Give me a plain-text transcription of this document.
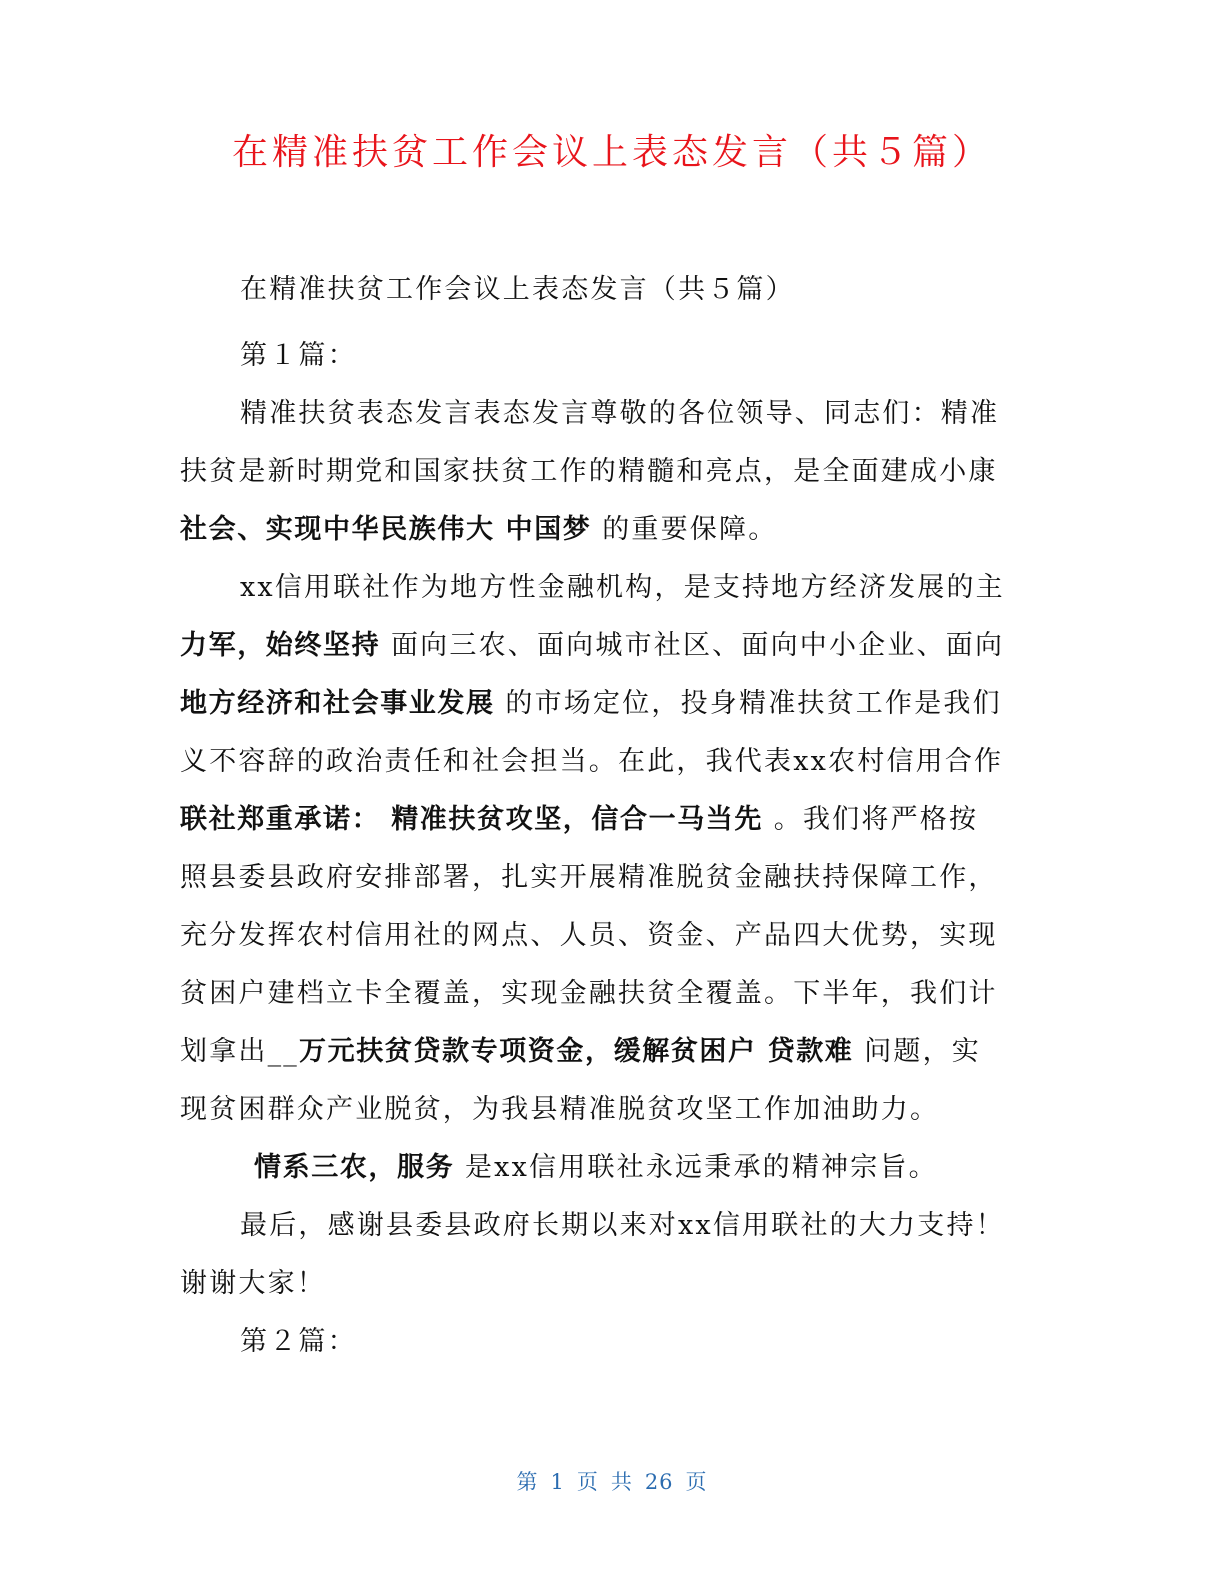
在精准扶贫工作会议上表态发言（共５篇）
在精准扶贫工作会议上表态发言（共５篇）
第１篇：
精准扶贫表态发言表态发言尊敬的各位领导、同志们：精准
扶贫是新时期党和国家扶贫工作的精髓和亮点，是全面建成小康
社会、实现中华民族伟大 中国梦 的重要保障。
xx信用联社作为地方性金融机构，是支持地方经济发展的主
力军，始终坚持 面向三农、面向城市社区、面向中小企业、面向
地方经济和社会事业发展 的市场定位，投身精准扶贫工作是我们
义不容辞的政治责任和社会担当。在此，我代表xx农村信用合作
联社郑重承诺： 精准扶贫攻坚，信合一马当先 。我们将严格按
照县委县政府安排部署，扎实开展精准脱贫金融扶持保障工作，
充分发挥农村信用社的网点、人员、资金、产品四大优势，实现
贫困户建档立卡全覆盖，实现金融扶贫全覆盖。下半年，我们计
划拿出__万元扶贫贷款专项资金，缓解贫困户 贷款难 问题，实
现贫困群众产业脱贫，为我县精准脱贫攻坚工作加油助力。
情系三农，服务 是xx信用联社永远秉承的精神宗旨。
最后，感谢县委县政府长期以来对xx信用联社的大力支持！
谢谢大家！
第２篇：
第 1 页 共 26 页
